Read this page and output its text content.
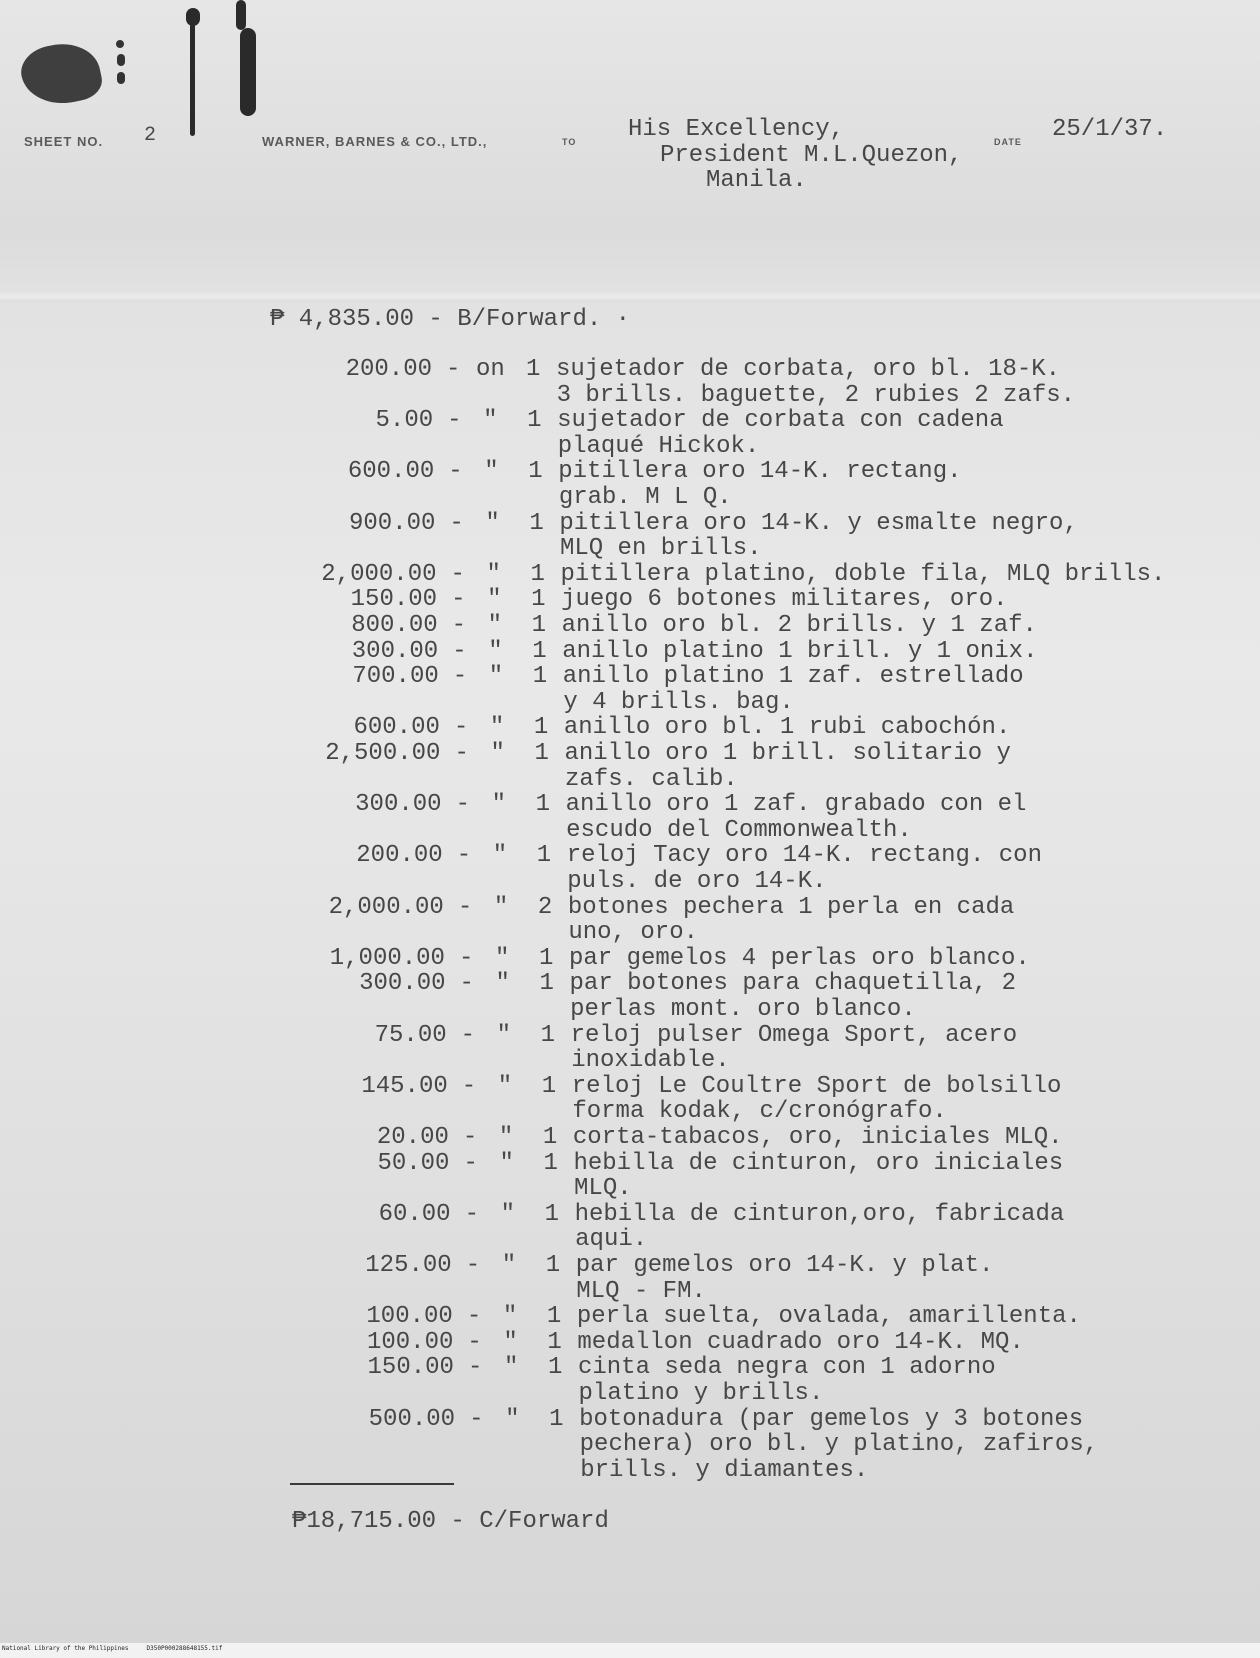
SHEET NO. 2	WARNER, BARNES & CO., LTD.,	TO	DATE
His Excellency,
President M.L.Quezon,
Manila.
25/1/37.
₱ 4,835.00 - B/Forward. ·
200.00 - on 1 sujetador de corbata, oro bl. 18-K.
3 brills. baguette, 2 rubies 2 zafs.
5.00 - " 1 sujetador de corbata con cadena
plaqué Hickok.
600.00 - " 1 pitillera oro 14-K. rectang.
grab. M L Q.
900.00 - " 1 pitillera oro 14-K. y esmalte negro,
MLQ en brills.
2,000.00 - " 1 pitillera platino, doble fila, MLQ brills.
150.00 - " 1 juego 6 botones militares, oro.
800.00 - " 1 anillo oro bl. 2 brills. y 1 zaf.
300.00 - " 1 anillo platino 1 brill. y 1 onix.
700.00 - " 1 anillo platino 1 zaf. estrellado
y 4 brills. bag.
600.00 - " 1 anillo oro bl. 1 rubi cabochón.
2,500.00 - " 1 anillo oro 1 brill. solitario y
zafs. calib.
300.00 - " 1 anillo oro 1 zaf. grabado con el
escudo del Commonwealth.
200.00 - " 1 reloj Tacy oro 14-K. rectang. con
puls. de oro 14-K.
2,000.00 - " 2 botones pechera 1 perla en cada
uno, oro.
1,000.00 - " 1 par gemelos 4 perlas oro blanco.
300.00 - " 1 par botones para chaquetilla, 2
perlas mont. oro blanco.
75.00 - " 1 reloj pulser Omega Sport, acero
inoxidable.
145.00 - " 1 reloj Le Coultre Sport de bolsillo
forma kodak, c/cronógrafo.
20.00 - " 1 corta-tabacos, oro, iniciales MLQ.
50.00 - " 1 hebilla de cinturon, oro iniciales
MLQ.
60.00 - " 1 hebilla de cinturon,oro, fabricada
aqui.
125.00 - " 1 par gemelos oro 14-K. y plat.
MLQ - FM.
100.00 - " 1 perla suelta, ovalada, amarillenta.
100.00 - " 1 medallon cuadrado oro 14-K. MQ.
150.00 - " 1 cinta seda negra con 1 adorno
platino y brills.
500.00 - " 1 botonadura (par gemelos y 3 botones
pechera) oro bl. y platino, zafiros,
brills. y diamantes.
₱18,715.00 - C/Forward
National Library of the Philippines     D350P000288648155.tif
